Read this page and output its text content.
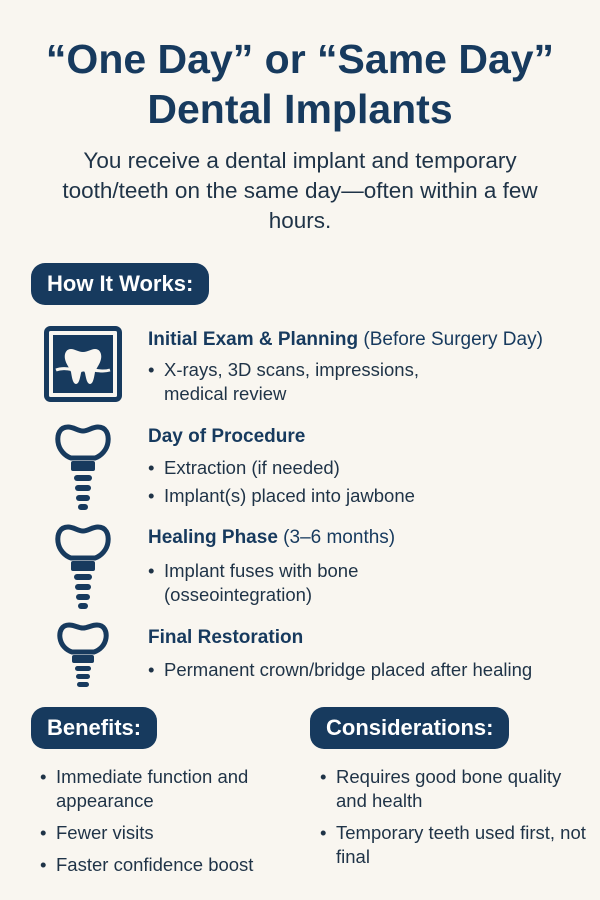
“One Day” or “Same Day”
Dental Implants

You receive a dental implant and temporary tooth/teeth on the same day—often within a few hours.

How It Works:
Initial Exam & Planning (Before Surgery Day)
• X-rays, 3D scans, impressions, medical review
Day of Procedure
• Extraction (if needed)
• Implant(s) placed into jawbone
Healing Phase (3–6 months)
• Implant fuses with bone (osseointegration)
Final Restoration
• Permanent crown/bridge placed after healing
Benefits:
• Immediate function and appearance
• Fewer visits
• Faster confidence boost
Considerations:
• Requires good bone quality and health
• Temporary teeth used first, not final
